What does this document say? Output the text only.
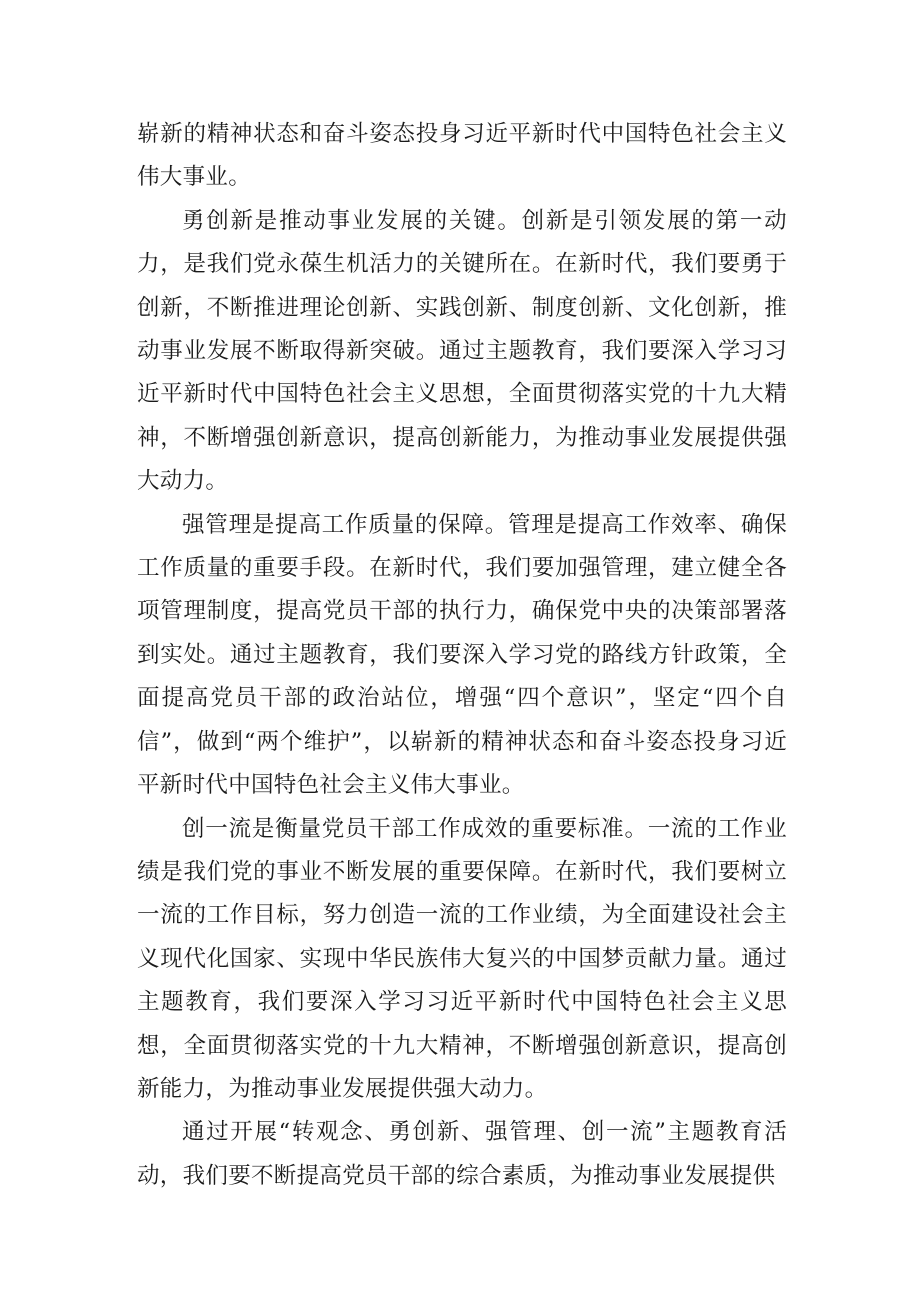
崭新的精神状态和奋斗姿态投身习近平新时代中国特色社会主义伟大事业。

勇创新是推动事业发展的关键。创新是引领发展的第一动力，是我们党永葆生机活力的关键所在。在新时代，我们要勇于创新，不断推进理论创新、实践创新、制度创新、文化创新，推动事业发展不断取得新突破。通过主题教育，我们要深入学习习近平新时代中国特色社会主义思想，全面贯彻落实党的十九大精神，不断增强创新意识，提高创新能力，为推动事业发展提供强大动力。

强管理是提高工作质量的保障。管理是提高工作效率、确保工作质量的重要手段。在新时代，我们要加强管理，建立健全各项管理制度，提高党员干部的执行力，确保党中央的决策部署落到实处。通过主题教育，我们要深入学习党的路线方针政策，全面提高党员干部的政治站位，增强“四个意识”，坚定“四个自信”，做到“两个维护”，以崭新的精神状态和奋斗姿态投身习近平新时代中国特色社会主义伟大事业。

创一流是衡量党员干部工作成效的重要标准。一流的工作业绩是我们党的事业不断发展的重要保障。在新时代，我们要树立一流的工作目标，努力创造一流的工作业绩，为全面建设社会主义现代化国家、实现中华民族伟大复兴的中国梦贡献力量。通过主题教育，我们要深入学习习近平新时代中国特色社会主义思想，全面贯彻落实党的十九大精神，不断增强创新意识，提高创新能力，为推动事业发展提供强大动力。

通过开展“转观念、勇创新、强管理、创一流”主题教育活动，我们要不断提高党员干部的综合素质，为推动事业发展提供
